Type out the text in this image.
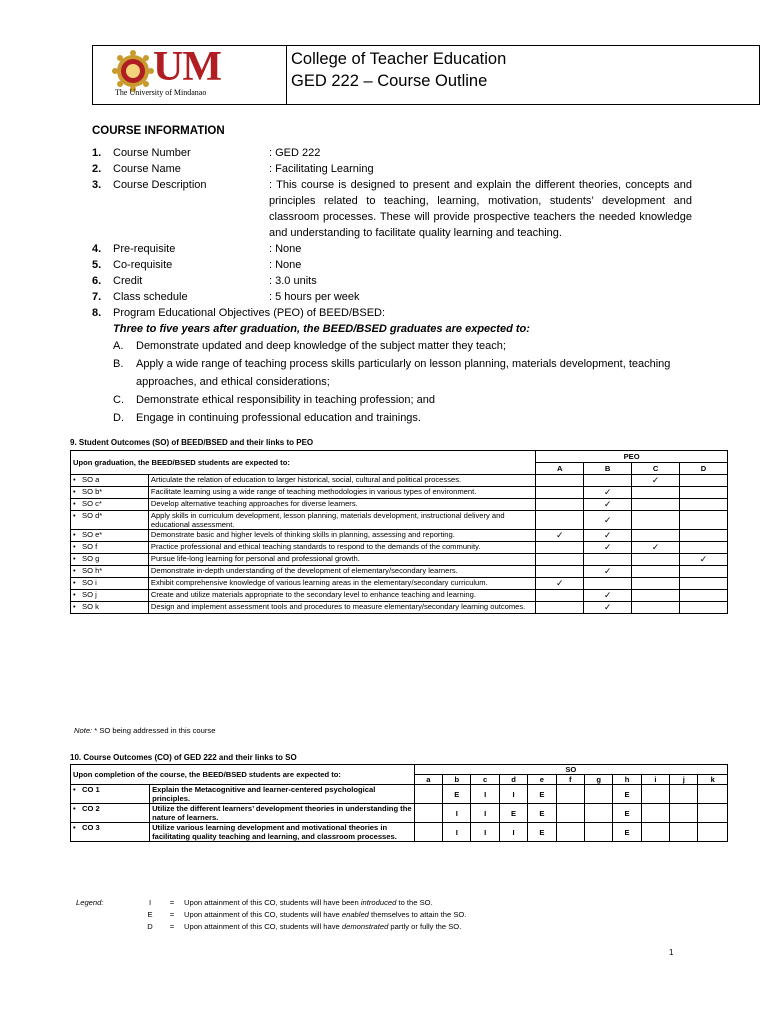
UM
The University of Mindanao
College of Teacher Education
GED 222 – Course Outline
COURSE INFORMATION
1.	Course Number	: GED 222
2.	Course Name	: Facilitating Learning
3.	Course Description	: This course is designed to present and explain the different theories, concepts and principles related to teaching, learning, motivation, students’ development and classroom processes. These will provide prospective teachers the needed knowledge and understanding to facilitate quality learning and teaching.
4.	Pre-requisite	: None
5.	Co-requisite	: None
6.	Credit	: 3.0 units
7.	Class schedule	: 5 hours per week
8.	Program Educational Objectives (PEO) of BEED/BSED:
Three to five years after graduation, the BEED/BSED graduates are expected to:
A.	Demonstrate updated and deep knowledge of the subject matter they teach;
B.	Apply a wide range of teaching process skills particularly on lesson planning, materials development, teaching approaches, and ethical considerations;
C.	Demonstrate ethical responsibility in teaching profession; and
D.	Engage in continuing professional education and trainings.
9. Student Outcomes (SO) of BEED/BSED and their links to PEO
Upon graduation, the BEED/BSED students are expected to:		PEO			
		A	B	C	D
•   SO a	Articulate the relation of education to larger historical, social, cultural and political processes.			✓	
•   SO b*	Facilitate learning using a wide range of teaching methodologies in various types of environment.		✓		
•   SO c*	Develop alternative teaching approaches for diverse learners.		✓		
•   SO d*	Apply skills in curriculum development, lesson planning, materials development, instructional delivery and educational assessment.		✓		
•   SO e*	Demonstrate basic and higher levels of thinking skills in planning, assessing and reporting.	✓	✓		
•   SO f	Practice professional and ethical teaching standards to respond to the demands of the community.		✓	✓	
•   SO g	Pursue life-long learning for personal and professional growth.				✓
•   SO h*	Demonstrate in-depth understanding of the development of elementary/secondary learners.		✓		
•   SO i	Exhibit comprehensive knowledge of various learning areas in the elementary/secondary curriculum.	✓			
•   SO j	Create and utilize materials appropriate to the secondary level to enhance teaching and learning.		✓		
•   SO k	Design and implement assessment tools and procedures to measure elementary/secondary learning outcomes.		✓		
Note: * SO being addressed in this course
10. Course Outcomes (CO) of GED 222 and their links to SO
Upon completion of the course, the BEED/BSED students are expected to:		SO										
		a	b	c	d	e	f	g	h	i	j	k
•   CO 1	Explain the Metacognitive and learner-centered psychological principles.		E	I	I	E			E			
•   CO 2	Utilize the different learners’ development theories in understanding the nature of learners.		I	I	E	E			E			
•   CO 3	Utilize various learning development and motivational theories in facilitating quality teaching and learning, and classroom processes.		I	I	I	E			E			
Legend:	I	=	Upon attainment of this CO, students will have been introduced to the SO.
E	=	Upon attainment of this CO, students will have enabled themselves to attain the SO.
D	=	Upon attainment of this CO, students will have demonstrated partly or fully the SO.
1
